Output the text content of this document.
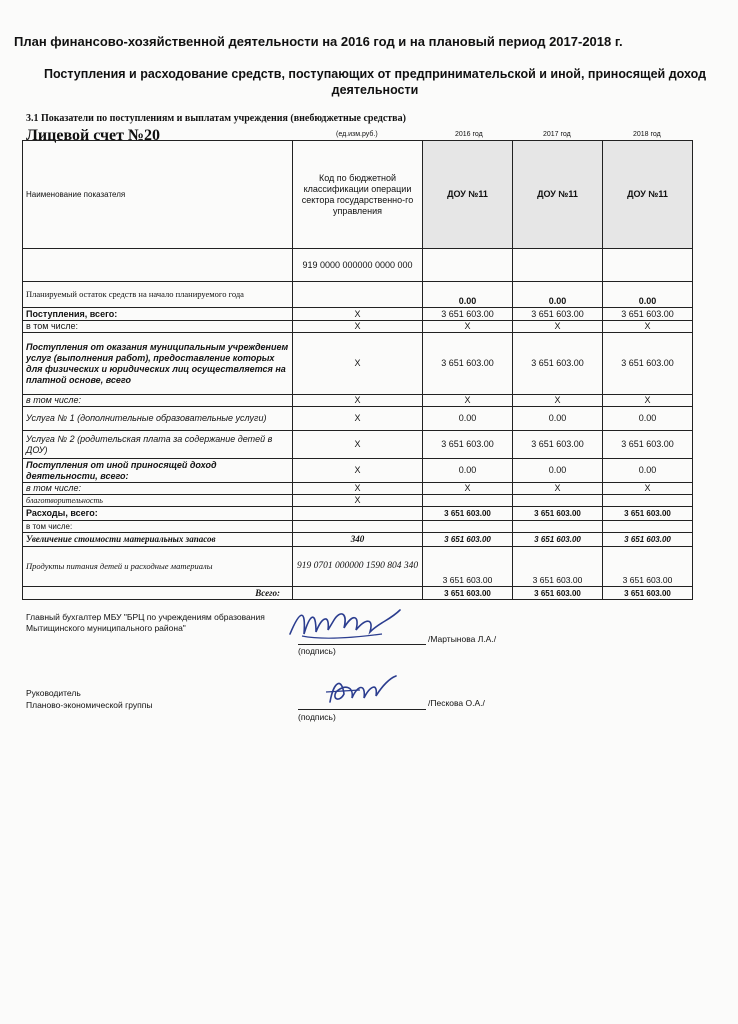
План финансово-хозяйственной деятельности на 2016 год и на плановый период 2017-2018 г.
Поступления и расходование средств, поступающих от предпринимательской и иной, приносящей доход деятельности
3.1 Показатели по поступлениям и выплатам учреждения (внебюджетные средства)
Лицевой счет №20	(ед.изм.руб.)	2016 год	2017 год	2018 год
Наименование показателя	Код по бюджетной классификации операции сектора государственно-го управления	ДОУ №11	ДОУ №11	ДОУ №11
	919 0000 000000 0000 000			
Планируемый остаток средств на начало планируемого года		0.00	0.00	0.00
Поступления, всего:	X	3 651 603.00	3 651 603.00	3 651 603.00
в том числе:	X	X	X	X
Поступления от оказания муниципальным учреждением услуг (выполнения работ), предоставление которых для физических и юридических лиц осуществляется на платной основе, всего	X	3 651 603.00	3 651 603.00	3 651 603.00
в том числе:	X	X	X	X
Услуга № 1 (дополнительные образовательные услуги)	X	0.00	0.00	0.00
Услуга № 2 (родительская плата за содержание детей в ДОУ)	X	3 651 603.00	3 651 603.00	3 651 603.00
Поступления от иной приносящей доход деятельности, всего:	X	0.00	0.00	0.00
в том числе:	X	X	X	X
благотворительность	X			
Расходы, всего:		3 651 603.00	3 651 603.00	3 651 603.00
в том числе:				
Увеличение стоимости материальных запасов	340	3 651 603.00	3 651 603.00	3 651 603.00
Продукты питания детей и расходные материалы	919 0701 000000 1590 804 340	3 651 603.00	3 651 603.00	3 651 603.00
Всего:		3 651 603.00	3 651 603.00	3 651 603.00
Главный бухгалтер МБУ "БРЦ по учреждениям образования Мытищинского муниципального района"
(подпись)
/Мартынова Л.А./
Руководитель
Планово-экономической группы
(подпись)
/Пескова О.А./
